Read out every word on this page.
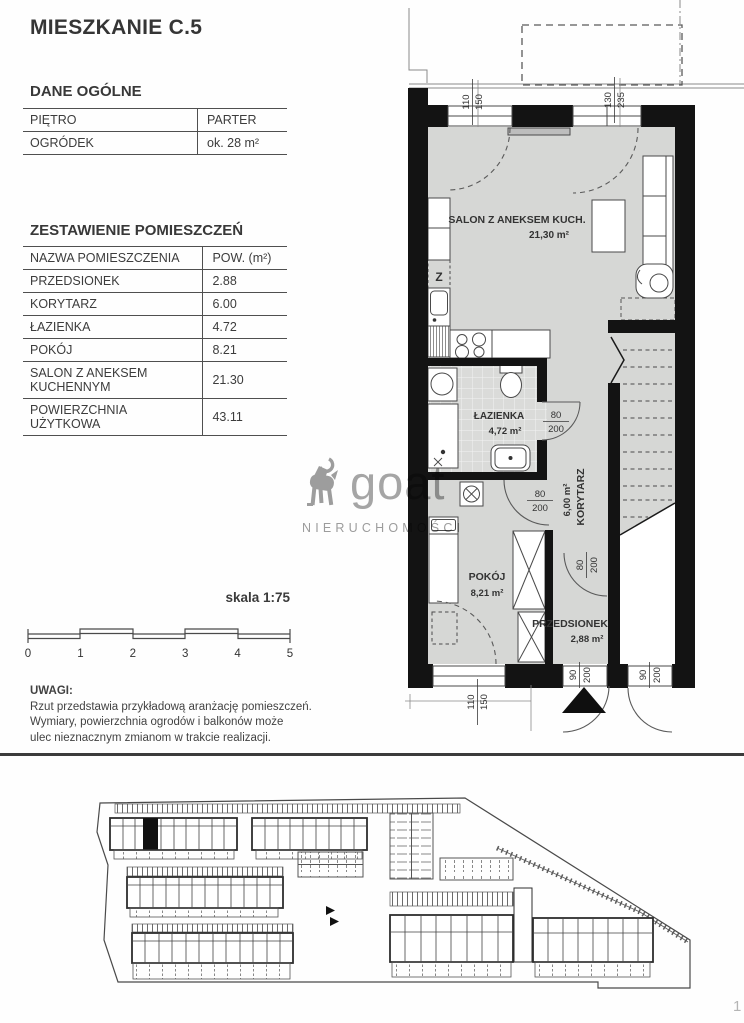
MIESZKANIE C.5
DANE OGÓLNE
PIĘTRO	PARTER
OGRÓDEK	ok. 28 m²
ZESTAWIENIE POMIESZCZEŃ
NAZWA POMIESZCZENIA	POW. (m²)
PRZEDSIONEK	2.88
KORYTARZ	6.00
ŁAZIENKA	4.72
POKÓJ	8.21
SALON Z ANEKSEM KUCHENNYM	21.30
POWIERZCHNIA UŻYTKOWA	43.11
skala 1:75
0	1	2	3	4	5
UWAGI:
Rzut przedstawia przykładową aranżację pomieszczeń.
Wymiary, powierzchnia ogrodów i balkonów może
ulec nieznacznym zmianom w trakcie realizacji.
110 150	130 235
80
200
80
200
80 200
90 200	90 200
110 150
SALON Z ANEKSEM KUCH.
21,30 m²
ŁAZIENKA
4,72 m²
KORYTARZ
6,00 m²
POKÓJ
8,21 m²
PRZEDSIONEK
2,88 m²
Z
goat
NIERUCHOMOŚCI
1
